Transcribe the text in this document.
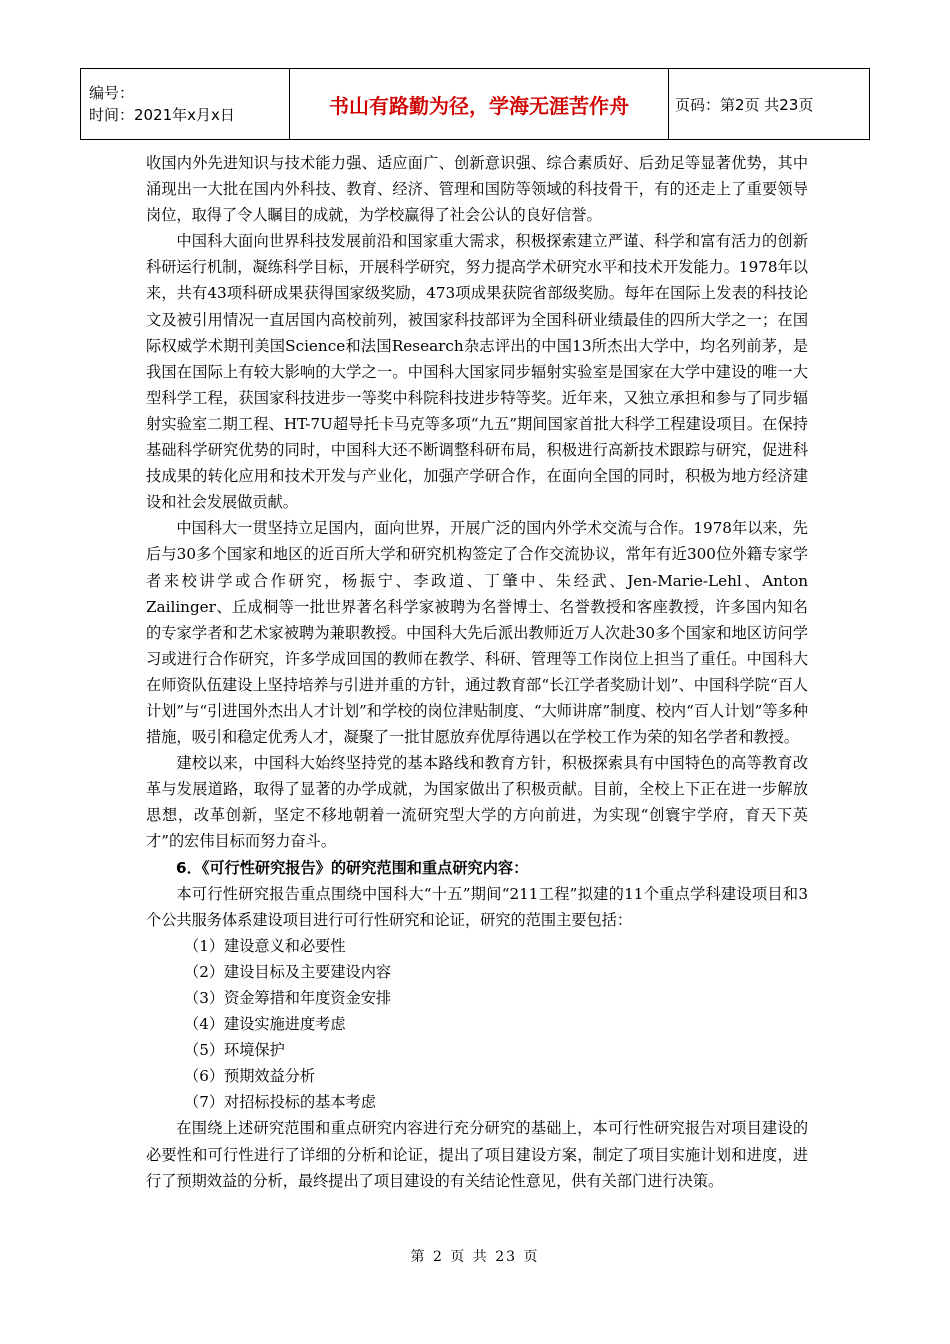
编号：
时间：2021年x月x日	书山有路勤为径，学海无涯苦作舟	页码：第2页 共23页

收国内外先进知识与技术能力强、适应面广、创新意识强、综合素质好、后劲足等显著优势，其中涌现出一大批在国内外科技、教育、经济、管理和国防等领域的科技骨干，有的还走上了重要领导岗位，取得了令人瞩目的成就，为学校赢得了社会公认的良好信誉。

中国科大面向世界科技发展前沿和国家重大需求，积极探索建立严谨、科学和富有活力的创新科研运行机制，凝练科学目标，开展科学研究，努力提高学术研究水平和技术开发能力。1978年以来，共有43项科研成果获得国家级奖励，473项成果获院省部级奖励。每年在国际上发表的科技论文及被引用情况一直居国内高校前列，被国家科技部评为全国科研业绩最佳的四所大学之一；在国际权威学术期刊美国Science和法国Research杂志评出的中国13所杰出大学中，均名列前茅，是我国在国际上有较大影响的大学之一。中国科大国家同步辐射实验室是国家在大学中建设的唯一大型科学工程，获国家科技进步一等奖中科院科技进步特等奖。近年来，又独立承担和参与了同步辐射实验室二期工程、HT-7U超导托卡马克等多项“九五”期间国家首批大科学工程建设项目。在保持基础科学研究优势的同时，中国科大还不断调整科研布局，积极进行高新技术跟踪与研究，促进科技成果的转化应用和技术开发与产业化，加强产学研合作，在面向全国的同时，积极为地方经济建设和社会发展做贡献。

中国科大一贯坚持立足国内，面向世界，开展广泛的国内外学术交流与合作。1978年以来，先后与30多个国家和地区的近百所大学和研究机构签定了合作交流协议，常年有近300位外籍专家学者来校讲学或合作研究，杨振宁、李政道、丁肇中、朱经武、Jen-Marie-Lehl、Anton Zailinger、丘成桐等一批世界著名科学家被聘为名誉博士、名誉教授和客座教授，许多国内知名的专家学者和艺术家被聘为兼职教授。中国科大先后派出教师近万人次赴30多个国家和地区访问学习或进行合作研究，许多学成回国的教师在教学、科研、管理等工作岗位上担当了重任。中国科大在师资队伍建设上坚持培养与引进并重的方针，通过教育部“长江学者奖励计划”、中国科学院“百人计划”与“引进国外杰出人才计划”和学校的岗位津贴制度、“大师讲席”制度、校内“百人计划”等多种措施，吸引和稳定优秀人才，凝聚了一批甘愿放弃优厚待遇以在学校工作为荣的知名学者和教授。

建校以来，中国科大始终坚持党的基本路线和教育方针，积极探索具有中国特色的高等教育改革与发展道路，取得了显著的办学成就，为国家做出了积极贡献。目前，全校上下正在进一步解放思想，改革创新，坚定不移地朝着一流研究型大学的方向前进，为实现“创寰宇学府，育天下英才”的宏伟目标而努力奋斗。

6．《可行性研究报告》的研究范围和重点研究内容：

本可行性研究报告重点围绕中国科大“十五”期间“211工程”拟建的11个重点学科建设项目和3个公共服务体系建设项目进行可行性研究和论证，研究的范围主要包括：

（1）建设意义和必要性

（2）建设目标及主要建设内容

（3）资金筹措和年度资金安排

（4）建设实施进度考虑

（5）环境保护

（6）预期效益分析

（7）对招标投标的基本考虑

在围绕上述研究范围和重点研究内容进行充分研究的基础上，本可行性研究报告对项目建设的必要性和可行性进行了详细的分析和论证，提出了项目建设方案，制定了项目实施计划和进度，进行了预期效益的分析，最终提出了项目建设的有关结论性意见，供有关部门进行决策。

第 2 页 共 23 页
